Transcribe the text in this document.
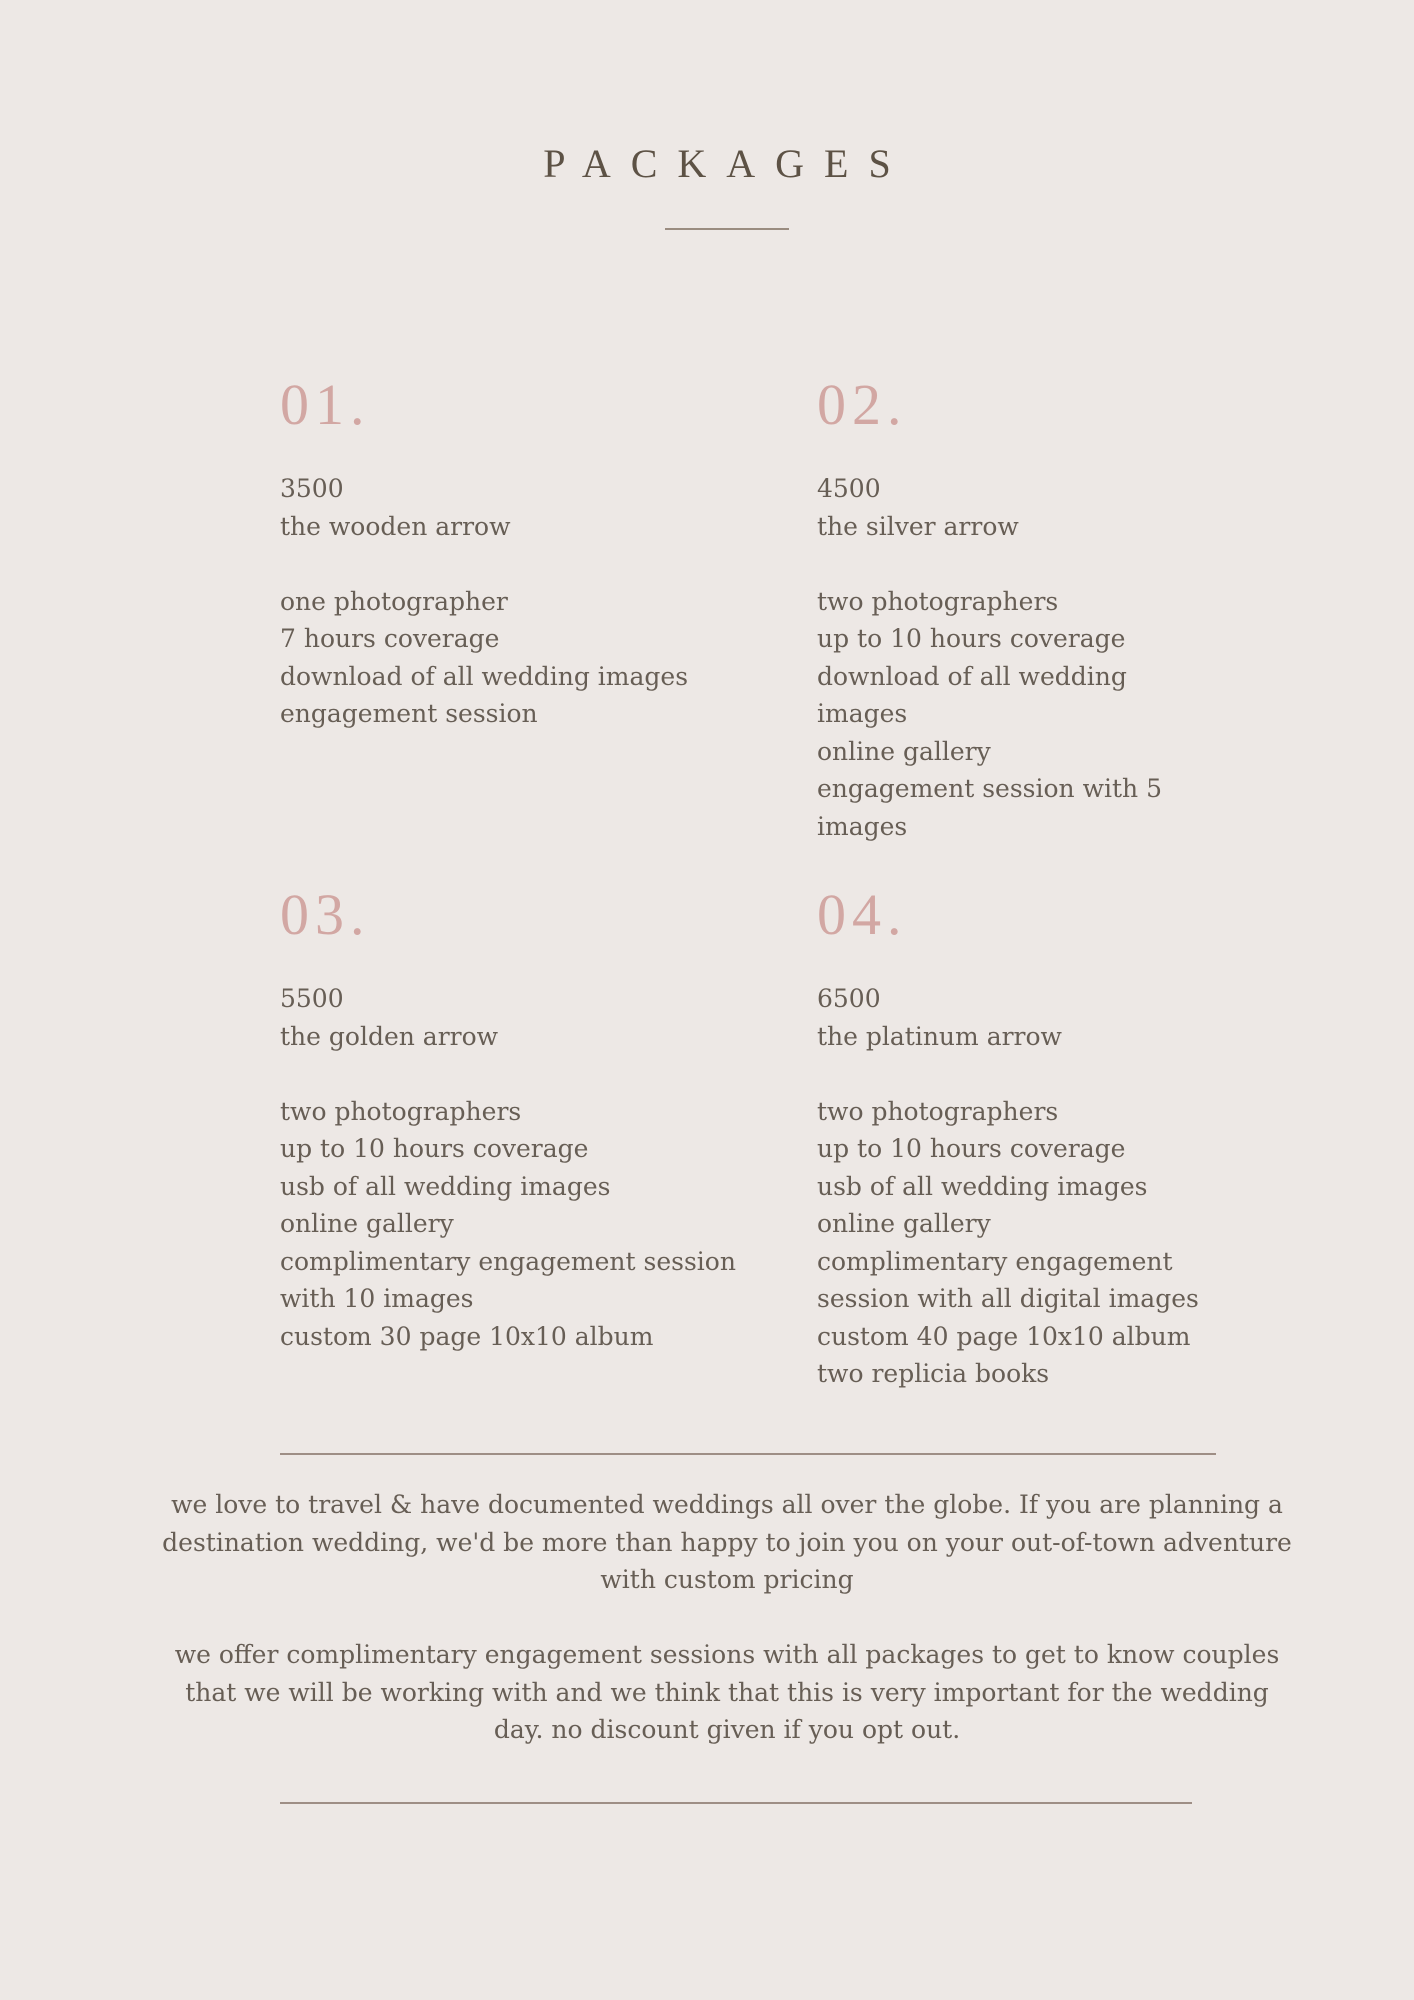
PACKAGES
01.
3500
the wooden arrow
one photographer
7 hours coverage
download of all wedding images
engagement session
02.
4500
the silver arrow
two photographers
up to 10 hours coverage
download of all wedding images
online gallery
engagement session with 5 images
03.
5500
the golden arrow
two photographers
up to 10 hours coverage
usb of all wedding images
online gallery
complimentary engagement session with 10 images
custom 30 page 10x10 album
04.
6500
the platinum arrow
two photographers
up to 10 hours coverage
usb of all wedding images
online gallery
complimentary engagement session with all digital images
custom 40 page 10x10 album
two replicia books

we love to travel & have documented weddings all over the globe. If you are planning a destination wedding, we'd be more than happy to join you on your out-of-town adventure with custom pricing

we offer complimentary engagement sessions with all packages to get to know couples that we will be working with and we think that this is very important for the wedding day. no discount given if you opt out.
